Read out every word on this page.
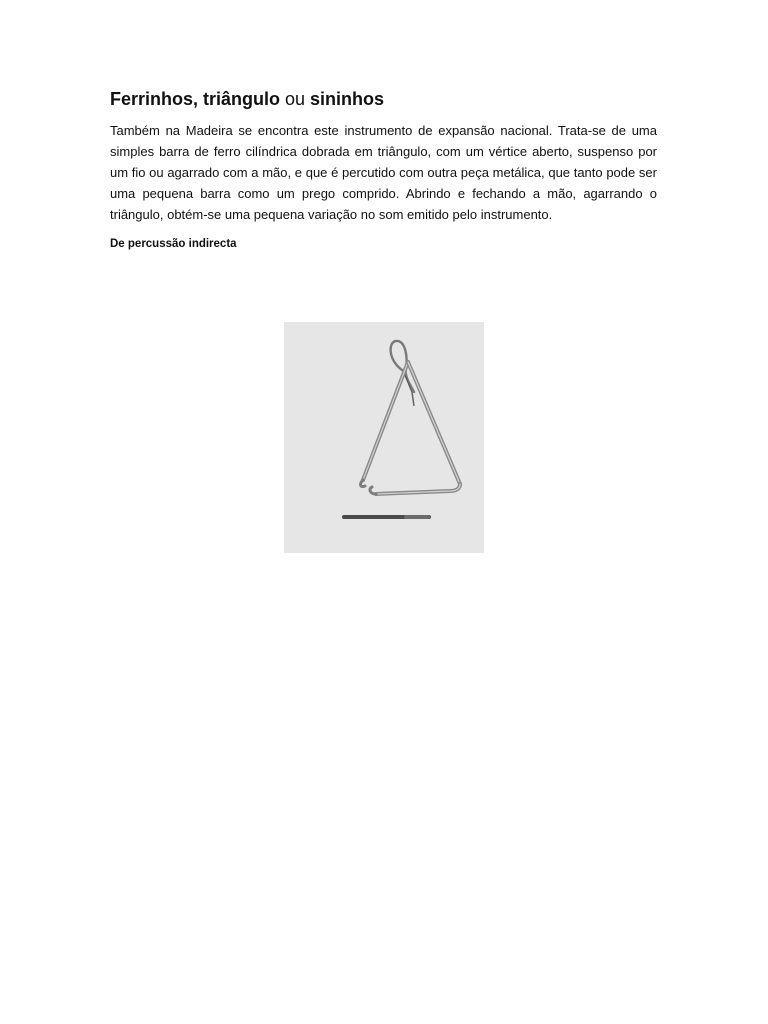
Ferrinhos, triângulo ou sininhos

Também na Madeira se encontra este instrumento de expansão nacional. Trata-se de uma simples barra de ferro cilíndrica dobrada em triângulo, com um vértice aberto, suspenso por um fio ou agarrado com a mão, e que é percutido com outra peça metálica, que tanto pode ser uma pequena barra como um prego comprido. Abrindo e fechando a mão, agarrando o triângulo, obtém-se uma pequena variação no som emitido pelo instrumento.

De percussão indirecta
